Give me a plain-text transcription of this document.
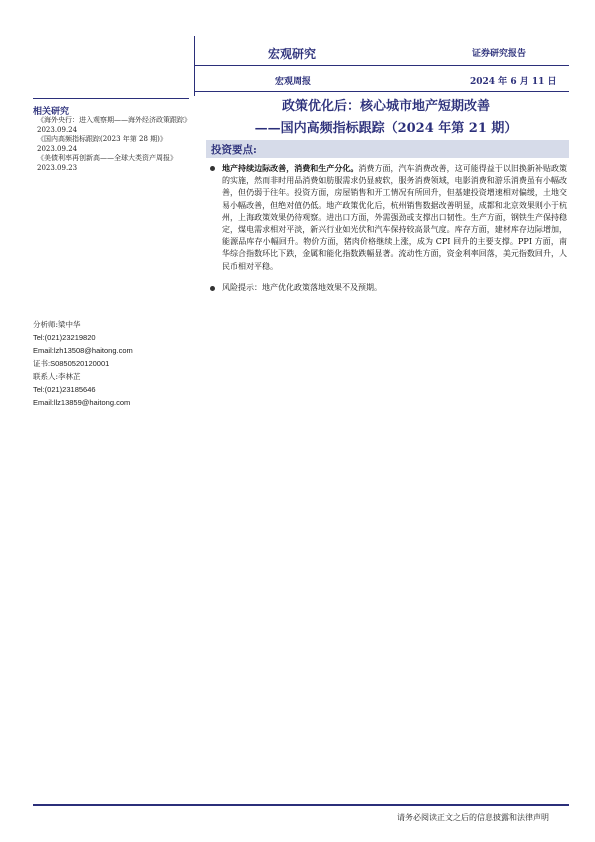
宏观研究	证券研究报告
宏观周报	2024 年 6 月 11 日
政策优化后：核心城市地产短期改善
——国内高频指标跟踪（2024 年第 21 期）
相关研究
《海外央行：进入观察期——海外经济政策跟踪》2023.09.24
《国内高频指标跟踪(2023 年第 28 期)》2023.09.24
《美债利率再创新高——全球大类资产周报》2023.09.23
分析师:梁中华
Tel:(021)23219820
Email:lzh13508@haitong.com
证书:S0850520120001
联系人:李林芷
Tel:(021)23185646
Email:llz13859@haitong.com
投资要点:
地产持续边际改善，消费和生产分化。消费方面，汽车消费改善，这可能得益于以旧换新补贴政策的实施，然而非时用品消费如肪服需求仍显疲软，服务消费领域，电影消费和游乐消费虽有小幅改善，但仍弱于往年。投资方面，房屋销售和开工情况有所回升，但基建投资增速相对偏缓，土地交易小幅改善，但绝对值仍低。地产政策优化后，杭州销售数据改善明显，成都和北京效果则小于杭州，上海政策效果仍待观察。进出口方面，外需强劲或支撑出口韧性。生产方面，钢铁生产保持稳定，煤电需求相对平淡，新兴行业如光伏和汽车保持较高景气度。库存方面，建材库存边际增加，能源品库存小幅回升。物价方面，猪肉价格继续上涨，成为 CPI 回升的主要支撑。PPI 方面，南华综合指数环比下跌，金属和能化指数跌幅显著。流动性方面，资金利率回落，美元指数回升，人民币相对平稳。
风险提示：地产优化政策落地效果不及预期。
请务必阅读正文之后的信息披露和法律声明
